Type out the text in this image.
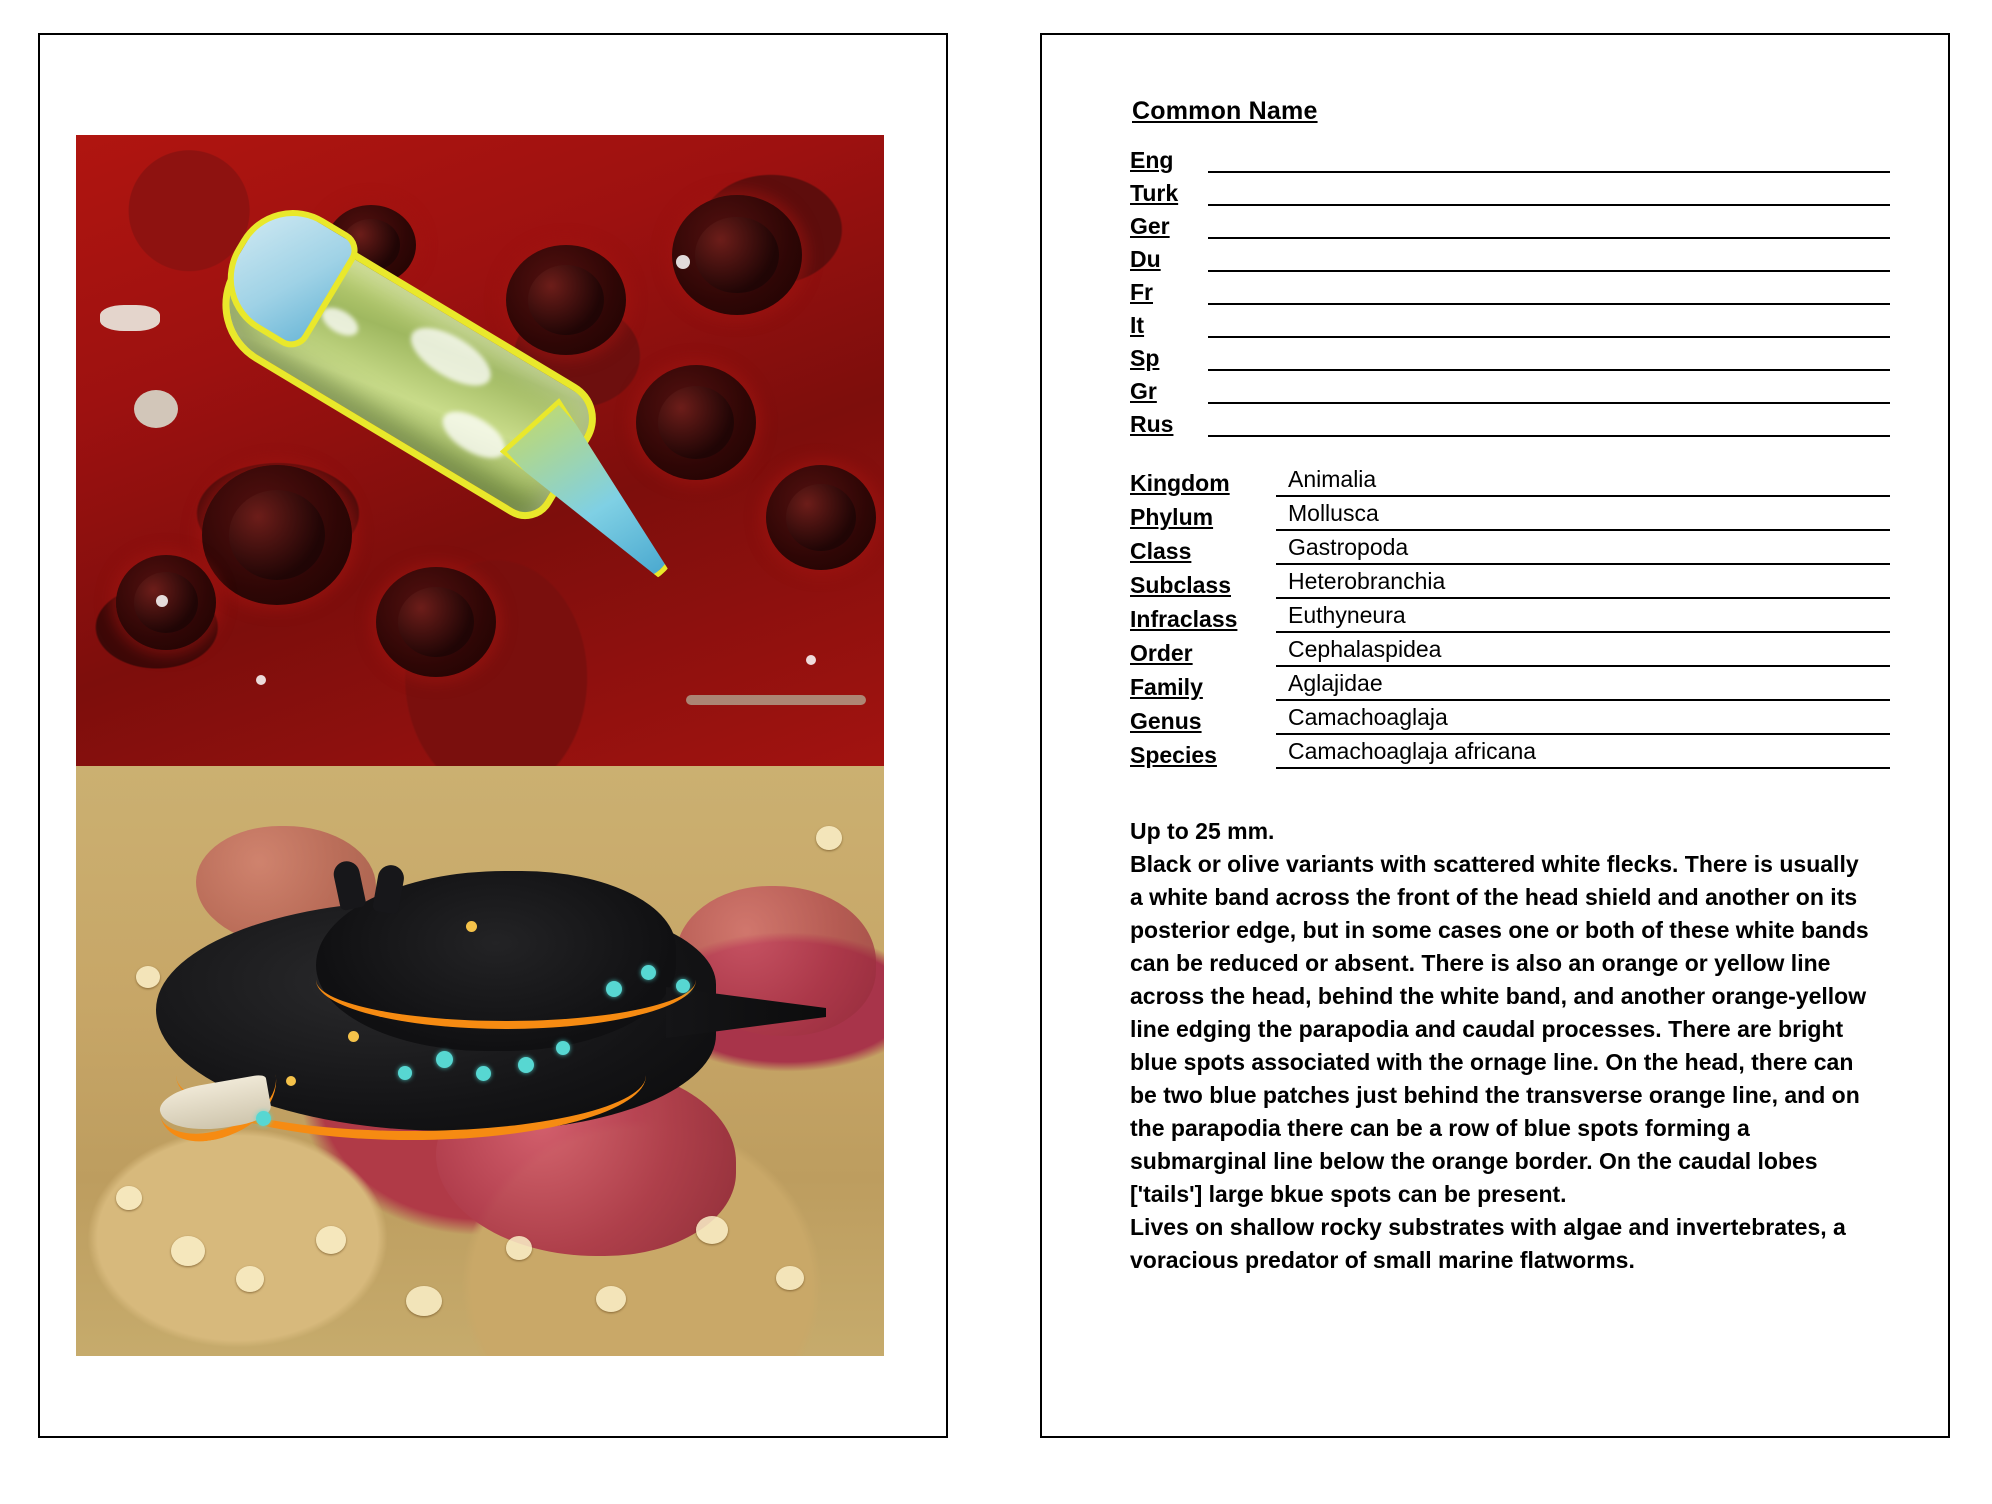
Common Name
Eng
Turk
Ger
Du
Fr
It
Sp
Gr
Rus
Kingdom	Animalia
Phylum	Mollusca
Class	Gastropoda
Subclass	Heterobranchia
Infraclass	Euthyneura
Order	Cephalaspidea
Family	Aglajidae
Genus	Camachoaglaja
Species	Camachoaglaja africana

Up to 25 mm.

Black or olive variants with scattered white flecks. There is usually a white band across the front of the head shield and another on its posterior edge, but in some cases one or both of these white bands can be reduced or absent. There is also an orange or yellow line across the head, behind the white band, and another orange-yellow line edging the parapodia and caudal processes. There are bright blue spots associated with the ornage line. On the head, there can be two blue patches just behind the transverse orange line, and on the parapodia there can be a row of blue spots forming a submarginal line below the orange border. On the caudal lobes ['tails'] large bkue spots can be present.

Lives on shallow rocky substrates with algae and invertebrates, a voracious predator of small marine flatworms.
